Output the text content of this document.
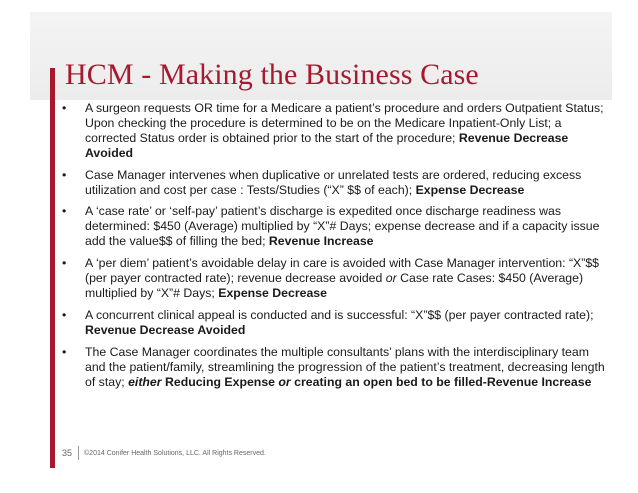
HCM - Making the Business Case
• A surgeon requests OR time for a Medicare a patient’s procedure and orders Outpatient Status; Upon checking the procedure is determined to be on the Medicare Inpatient-Only List; a corrected Status order is obtained prior to the start of the procedure; Revenue Decrease Avoided
• Case Manager intervenes when duplicative or unrelated tests are ordered, reducing excess utilization and cost per case : Tests/Studies (“X” $$ of each); Expense Decrease
• A ‘case rate’ or ‘self-pay’ patient’s discharge is expedited once discharge readiness was determined: $450 (Average) multiplied by “X”# Days; expense decrease and if a capacity issue add the value$$ of filling the bed; Revenue Increase
• A ‘per diem’ patient’s avoidable delay in care is avoided with Case Manager intervention: “X”$$ (per payer contracted rate); revenue decrease avoided or Case rate Cases: $450 (Average) multiplied by “X”# Days; Expense Decrease
• A concurrent clinical appeal is conducted and is successful: “X”$$ (per payer contracted rate); Revenue Decrease Avoided
• The Case Manager coordinates the multiple consultants’ plans with the interdisciplinary team and the patient/family, streamlining the progression of the patient’s treatment, decreasing length of stay; either Reducing Expense or creating an open bed to be filled-Revenue Increase
35 ©2014 Conifer Health Solutions, LLC. All Rights Reserved.
